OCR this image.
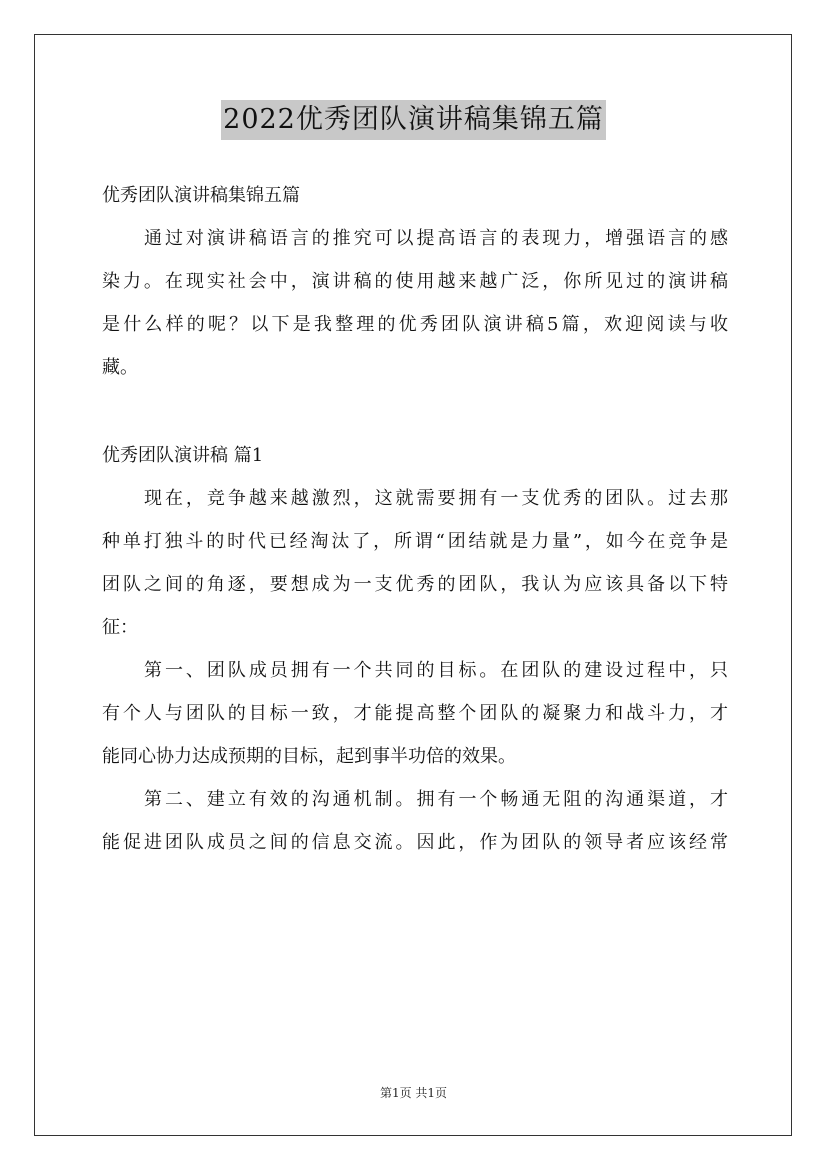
2022优秀团队演讲稿集锦五篇
优秀团队演讲稿集锦五篇
通过对演讲稿语言的推究可以提高语言的表现力，增强语言的感
染力。在现实社会中，演讲稿的使用越来越广泛，你所见过的演讲稿
是什么样的呢？以下是我整理的优秀团队演讲稿5篇，欢迎阅读与收
藏。
优秀团队演讲稿 篇1
现在，竞争越来越激烈，这就需要拥有一支优秀的团队。过去那
种单打独斗的时代已经淘汰了，所谓“团结就是力量”，如今在竞争是
团队之间的角逐，要想成为一支优秀的团队，我认为应该具备以下特
征：
第一、团队成员拥有一个共同的目标。在团队的建设过程中，只
有个人与团队的目标一致，才能提高整个团队的凝聚力和战斗力，才
能同心协力达成预期的目标，起到事半功倍的效果。
第二、建立有效的沟通机制。拥有一个畅通无阻的沟通渠道，才
能促进团队成员之间的信息交流。因此，作为团队的领导者应该经常
第1页 共1页
